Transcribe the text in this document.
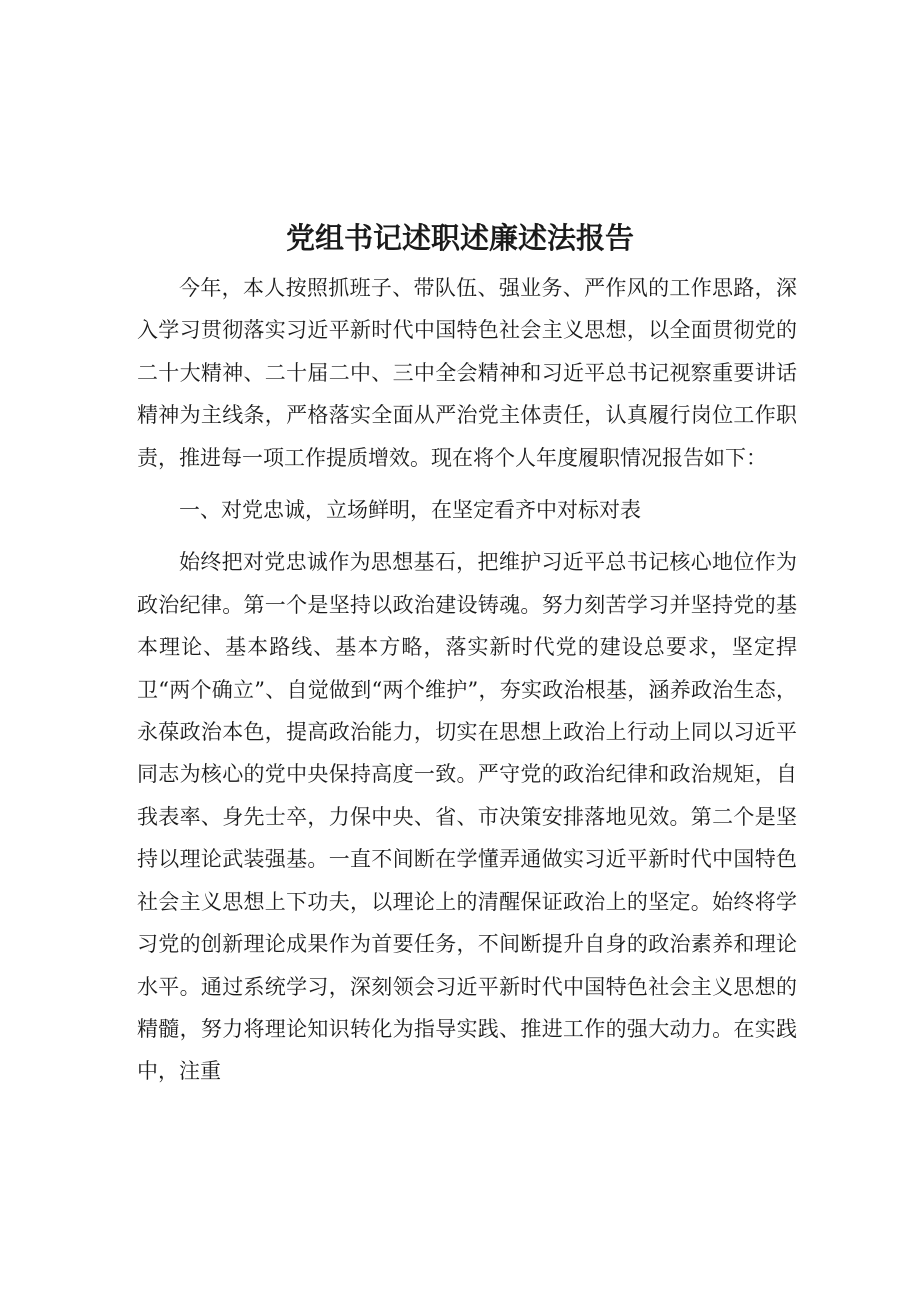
党组书记述职述廉述法报告

今年，本人按照抓班子、带队伍、强业务、严作风的工作思路，深入学习贯彻落实习近平新时代中国特色社会主义思想，以全面贯彻党的二十大精神、二十届二中、三中全会精神和习近平总书记视察重要讲话精神为主线条，严格落实全面从严治党主体责任，认真履行岗位工作职责，推进每一项工作提质增效。现在将个人年度履职情况报告如下：

一、对党忠诚，立场鲜明，在坚定看齐中对标对表

始终把对党忠诚作为思想基石，把维护习近平总书记核心地位作为政治纪律。第一个是坚持以政治建设铸魂。努力刻苦学习并坚持党的基本理论、基本路线、基本方略，落实新时代党的建设总要求，坚定捍卫“两个确立”、自觉做到“两个维护”，夯实政治根基，涵养政治生态，永葆政治本色，提高政治能力，切实在思想上政治上行动上同以习近平同志为核心的党中央保持高度一致。严守党的政治纪律和政治规矩，自我表率、身先士卒，力保中央、省、市决策安排落地见效。第二个是坚持以理论武装强基。一直不间断在学懂弄通做实习近平新时代中国特色社会主义思想上下功夫，以理论上的清醒保证政治上的坚定。始终将学习党的创新理论成果作为首要任务，不间断提升自身的政治素养和理论水平。通过系统学习，深刻领会习近平新时代中国特色社会主义思想的精髓，努力将理论知识转化为指导实践、推进工作的强大动力。在实践中，注重
